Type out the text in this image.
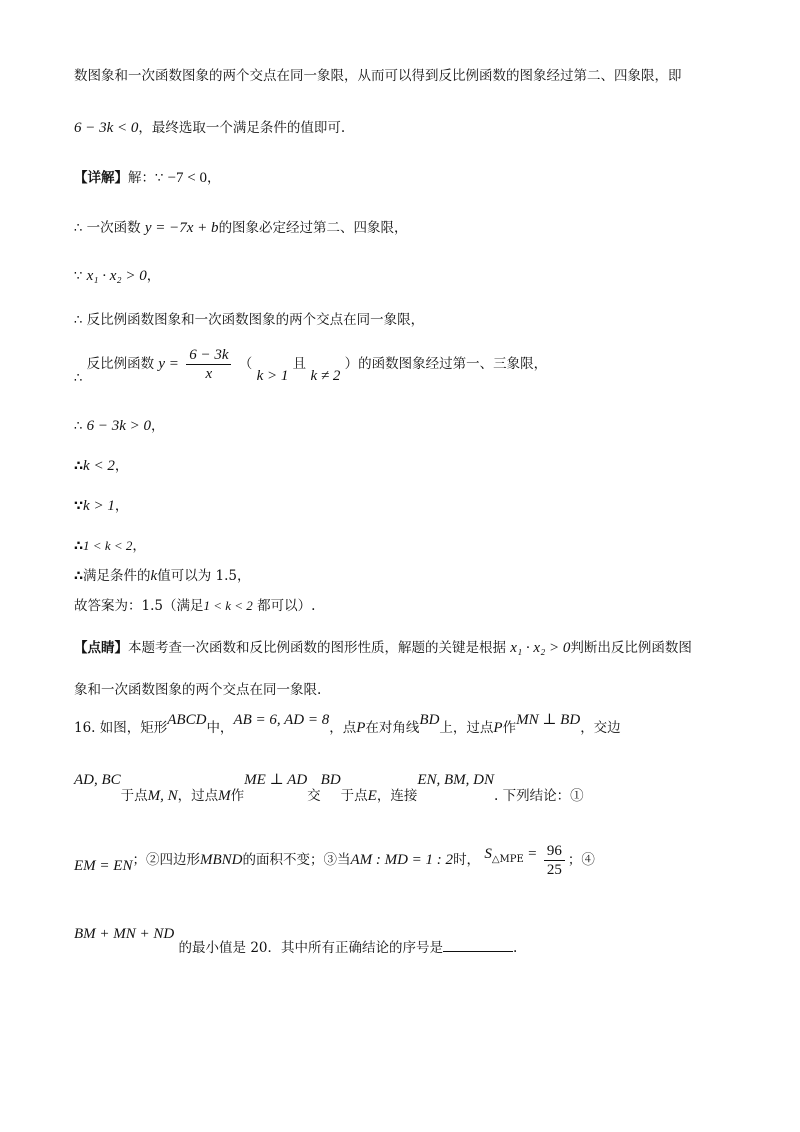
数图象和一次函数图象的两个交点在同一象限，从而可以得到反比例函数的图象经过第二、四象限，即
6 − 3k < 0，最终选取一个满足条件的值即可.
【详解】解：∵ −7 < 0，
∴ 一次函数 y = −7x + b的图象必定经过第二、四象限，
∵ x₁ · x₂ > 0，
∴ 反比例函数图象和一次函数图象的两个交点在同一象限，
∴ 反比例函数 $y = \frac{6 - 3k}{x}$ （ k > 1 且 k ≠ 2 ）的函数图象经过第一、三象限，
∴ 6 − 3k > 0，
∴k < 2，
∵k > 1，
∴1 < k < 2，
∴满足条件的k值可以为 1.5，
故答案为：1.5（满足1 < k < 2 都可以）.
【点睛】本题考查一次函数和反比例函数的图形性质，解题的关键是根据 x₁ · x₂ > 0判断出反比例函数图
象和一次函数图象的两个交点在同一象限.
16. 如图，矩形ABCD中，AB = 6, AD = 8，点P在对角线BD上，过点P作MN ⊥ BD，交边
AD, BC于点M, N，过点M作ME ⊥ AD交BD于点E，连接EN, BM, DN. 下列结论：①
EM = EN；②四边形MBND的面积不变；③当AM : MD = 1 : 2时， $S^{\triangle MPE} = \frac{96}{25}$ ；④
BM + MN + ND 的最小值是 20．其中所有正确结论的序号是	.
